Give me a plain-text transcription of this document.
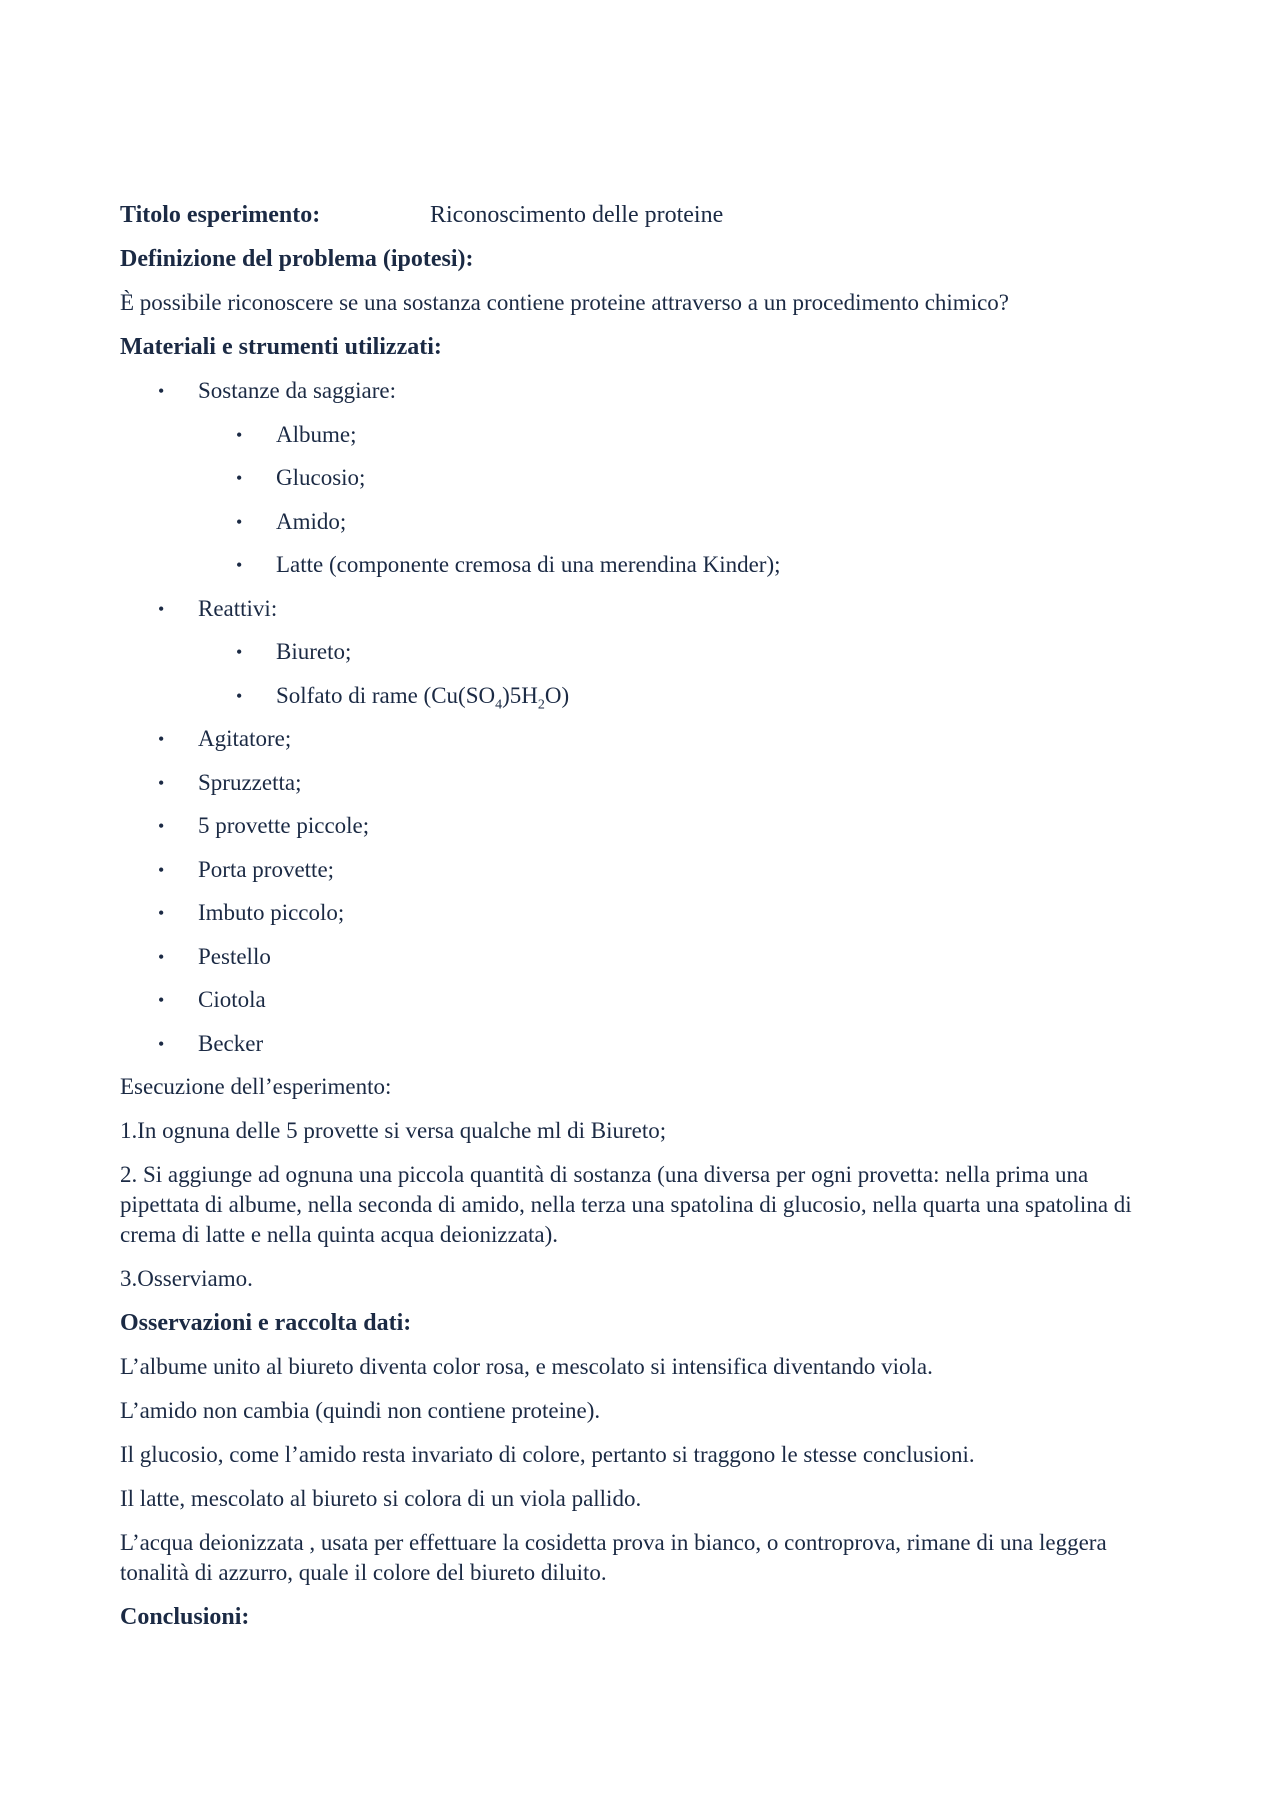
Titolo esperimento:	Riconoscimento delle proteine
Definizione del problema (ipotesi):
È possibile riconoscere se una sostanza contiene proteine attraverso a un procedimento chimico?
Materiali e strumenti utilizzati:
• Sostanze da saggiare:
• Albume;
• Glucosio;
• Amido;
• Latte (componente cremosa di una merendina Kinder);
• Reattivi:
• Biureto;
• Solfato di rame $(Cu(SO_4)5H_2O)$
• Agitatore;
• Spruzzetta;
• 5 provette piccole;
• Porta provette;
• Imbuto piccolo;
• Pestello
• Ciotola
• Becker
Esecuzione dell’esperimento:
1.In ognuna delle 5 provette si versa qualche ml di Biureto;
2. Si aggiunge ad ognuna una piccola quantità di sostanza (una diversa per ogni provetta: nella prima una pipettata di albume, nella seconda di amido, nella terza una spatolina di glucosio, nella quarta una spatolina di crema di latte e nella quinta acqua deionizzata).
3.Osserviamo.
Osservazioni e raccolta dati:
L’albume unito al biureto diventa color rosa, e mescolato si intensifica diventando viola.
L’amido non cambia (quindi non contiene proteine).
Il glucosio, come l’amido resta invariato di colore, pertanto si traggono le stesse conclusioni.
Il latte, mescolato al biureto si colora di un viola pallido.
L’acqua deionizzata , usata per effettuare la cosidetta prova in bianco, o controprova, rimane di una leggera tonalità di azzurro, quale il colore del biureto diluito.
Conclusioni:
